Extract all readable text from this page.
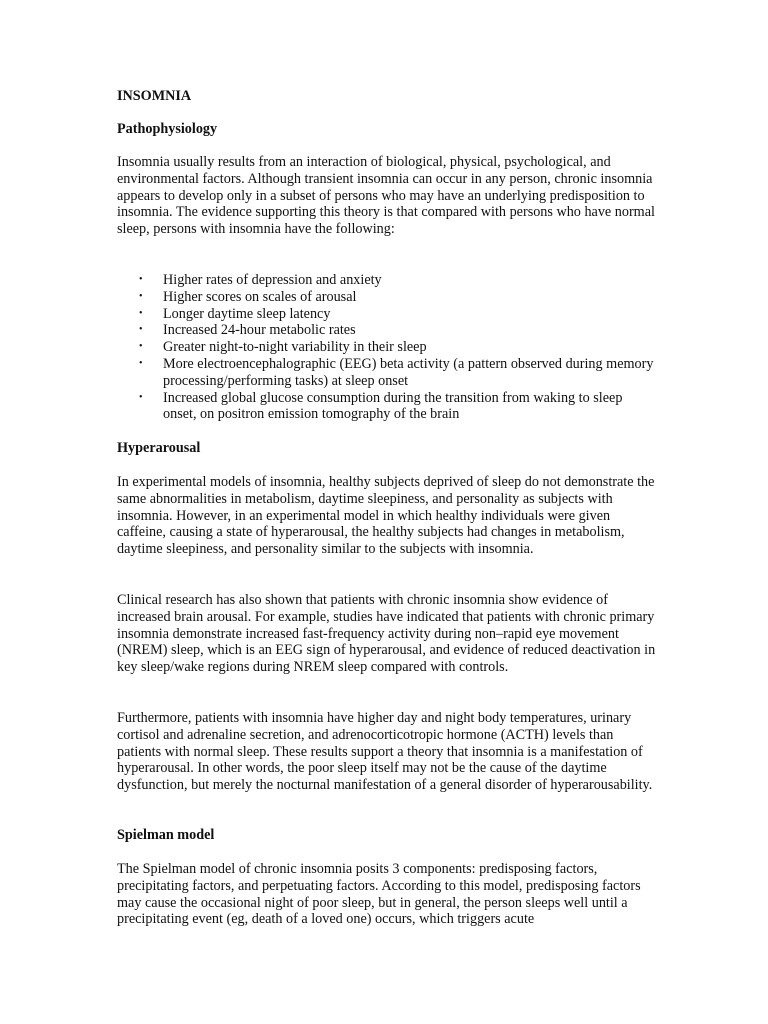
INSOMNIA

Pathophysiology

Insomnia usually results from an interaction of biological, physical, psychological, and environmental factors. Although transient insomnia can occur in any person, chronic insomnia appears to develop only in a subset of persons who may have an underlying predisposition to insomnia. The evidence supporting this theory is that compared with persons who have normal sleep, persons with insomnia have the following:

• Higher rates of depression and anxiety
• Higher scores on scales of arousal
• Longer daytime sleep latency
• Increased 24-hour metabolic rates
• Greater night-to-night variability in their sleep
• More electroencephalographic (EEG) beta activity (a pattern observed during memory processing/performing tasks) at sleep onset
• Increased global glucose consumption during the transition from waking to sleep onset, on positron emission tomography of the brain

Hyperarousal

In experimental models of insomnia, healthy subjects deprived of sleep do not demonstrate the same abnormalities in metabolism, daytime sleepiness, and personality as subjects with insomnia. However, in an experimental model in which healthy individuals were given caffeine, causing a state of hyperarousal, the healthy subjects had changes in metabolism, daytime sleepiness, and personality similar to the subjects with insomnia.

Clinical research has also shown that patients with chronic insomnia show evidence of increased brain arousal. For example, studies have indicated that patients with chronic primary insomnia demonstrate increased fast-frequency activity during non–rapid eye movement (NREM) sleep, which is an EEG sign of hyperarousal, and evidence of reduced deactivation in key sleep/wake regions during NREM sleep compared with controls.

Furthermore, patients with insomnia have higher day and night body temperatures, urinary cortisol and adrenaline secretion, and adrenocorticotropic hormone (ACTH) levels than patients with normal sleep. These results support a theory that insomnia is a manifestation of hyperarousal. In other words, the poor sleep itself may not be the cause of the daytime dysfunction, but merely the nocturnal manifestation of a general disorder of hyperarousability.

Spielman model

The Spielman model of chronic insomnia posits 3 components: predisposing factors, precipitating factors, and perpetuating factors. According to this model, predisposing factors may cause the occasional night of poor sleep, but in general, the person sleeps well until a precipitating event (eg, death of a loved one) occurs, which triggers acute
